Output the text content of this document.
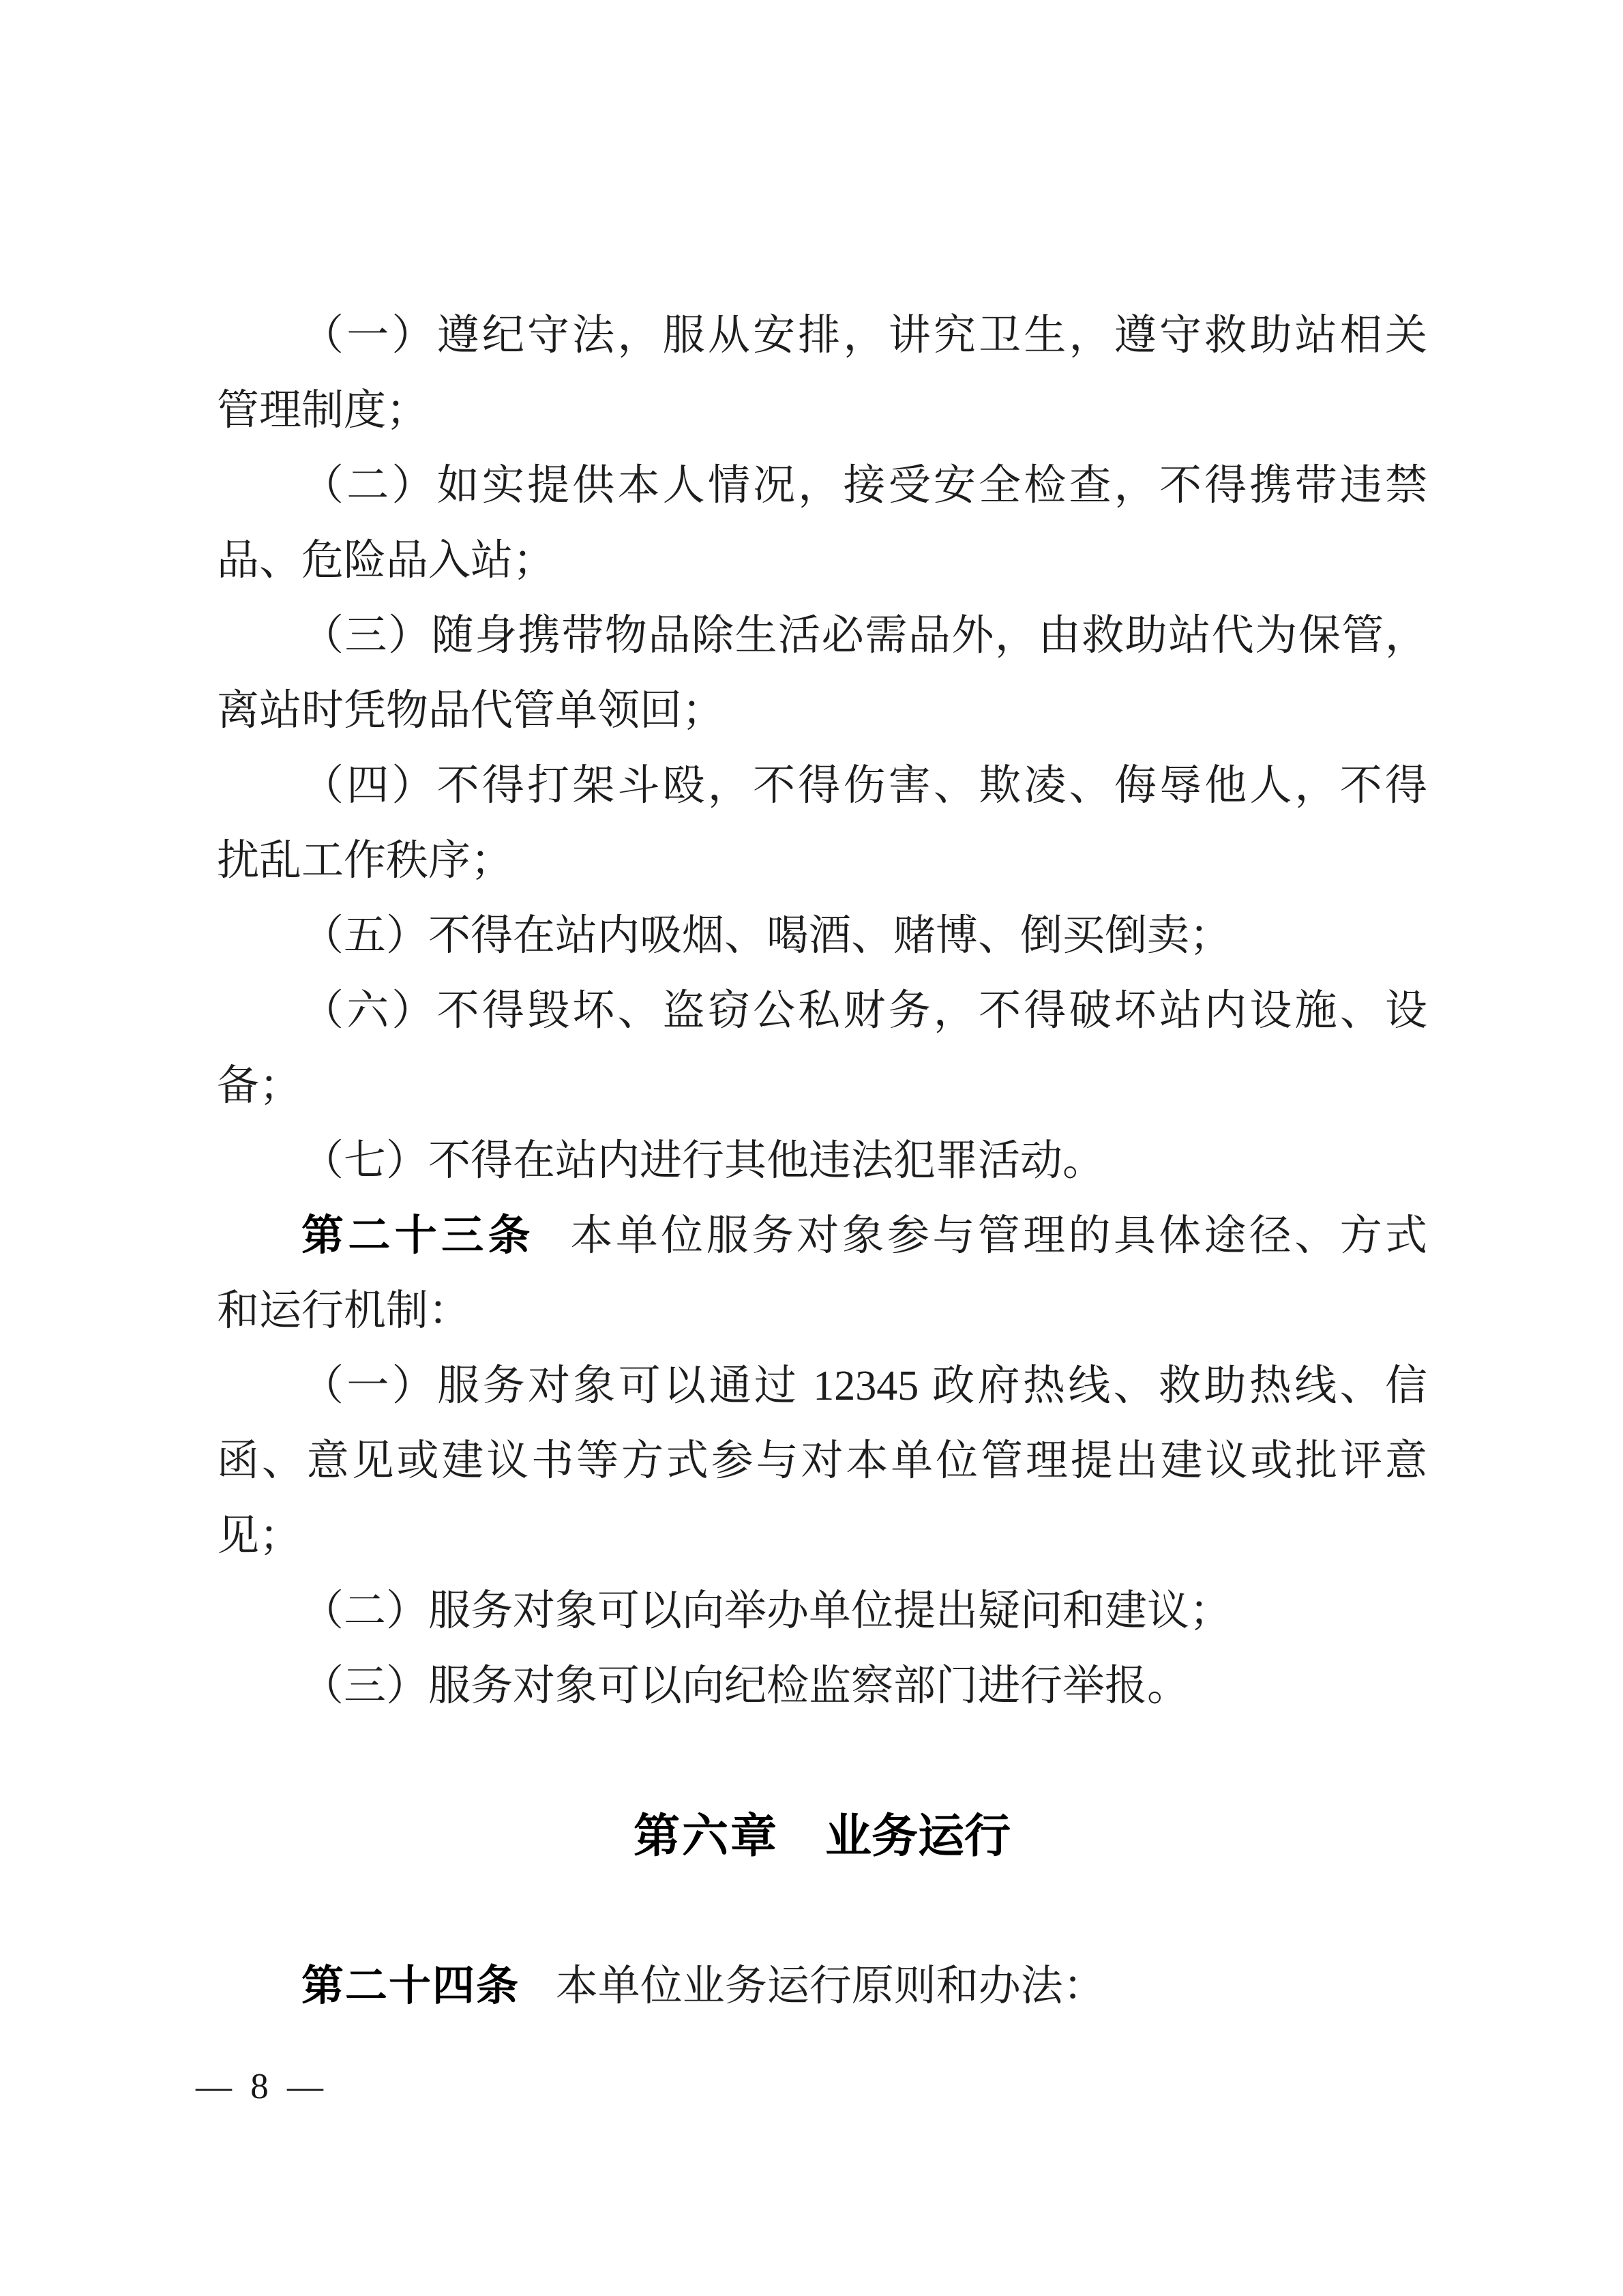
（一）遵纪守法，服从安排，讲究卫生，遵守救助站相关
管理制度；
（二）如实提供本人情况，接受安全检查，不得携带违禁
品、危险品入站；
（三）随身携带物品除生活必需品外，由救助站代为保管，
离站时凭物品代管单领回；
（四）不得打架斗殴，不得伤害、欺凌、侮辱他人，不得
扰乱工作秩序；
（五）不得在站内吸烟、喝酒、赌博、倒买倒卖；
（六）不得毁坏、盗窃公私财务，不得破坏站内设施、设
备；
（七）不得在站内进行其他违法犯罪活动。
第二十三条 本单位服务对象参与管理的具体途径、方式
和运行机制：
（一）服务对象可以通过 12345 政府热线、救助热线、信
函、意见或建议书等方式参与对本单位管理提出建议或批评意
见；
（二）服务对象可以向举办单位提出疑问和建议；
（三）服务对象可以向纪检监察部门进行举报。
第六章 业务运行
第二十四条 本单位业务运行原则和办法：
— 8 —
